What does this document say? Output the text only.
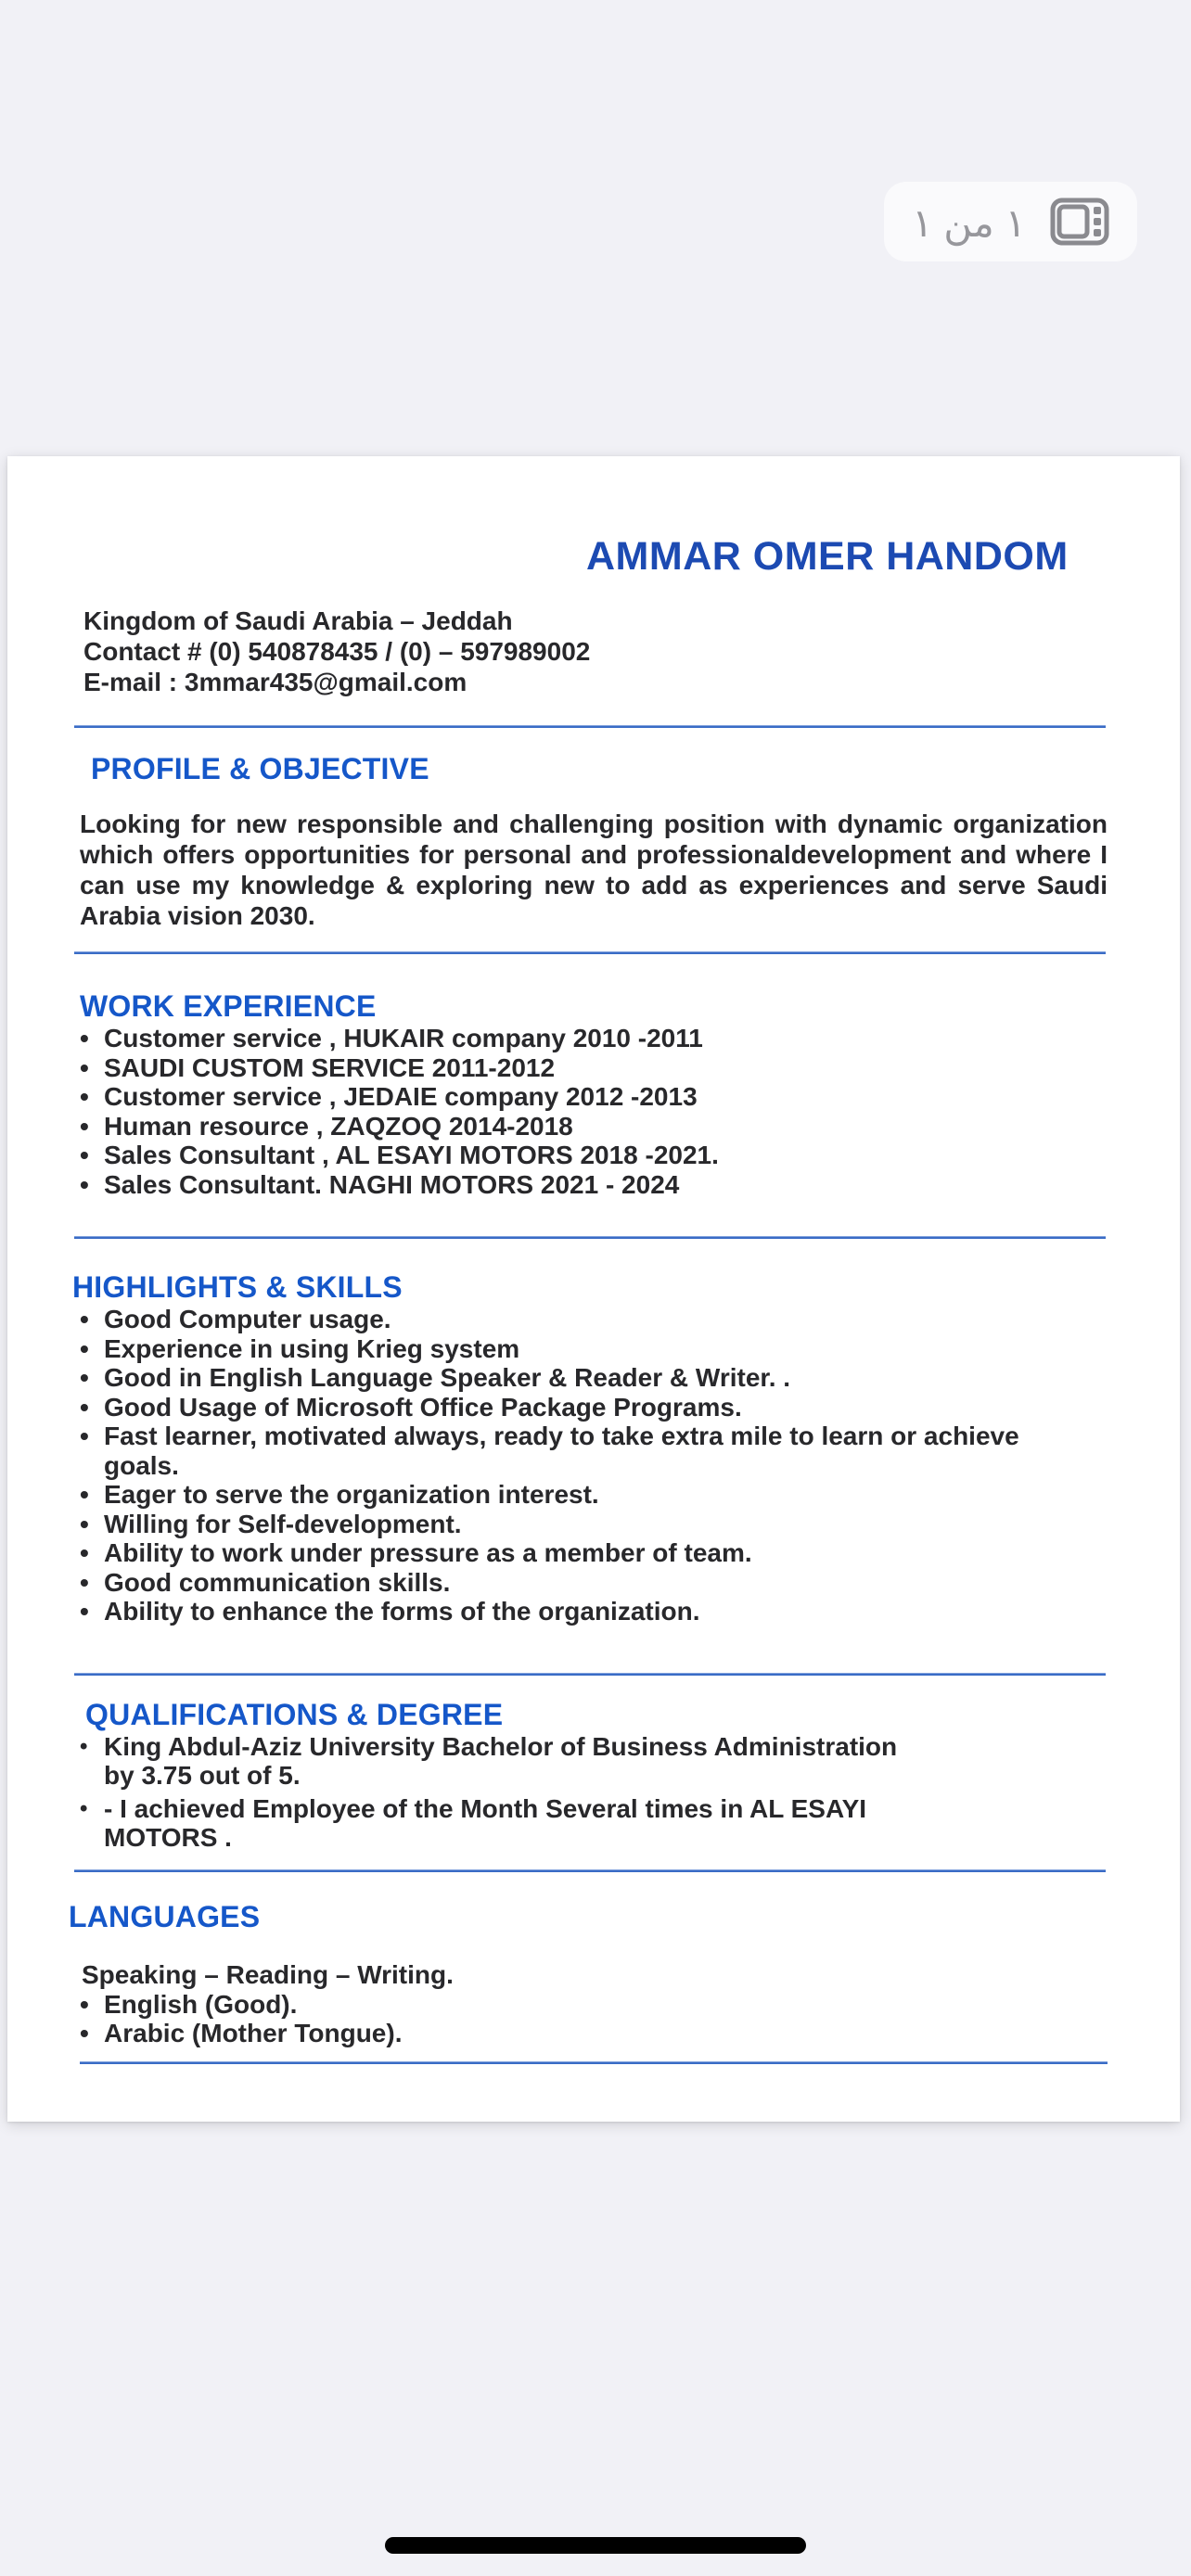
١ من ١
AMMAR OMER HANDOM
Kingdom of Saudi Arabia – Jeddah
Contact # (0) 540878435 / (0) – 597989002
E-mail : 3mmar435@gmail.com
PROFILE & OBJECTIVE

Looking for new responsible and challenging position with dynamic organization which offers opportunities for personal and professionaldevelopment and where I can use my knowledge & exploring new to add as experiences and serve Saudi Arabia vision 2030.

WORK EXPERIENCE
• Customer service , HUKAIR company 2010 -2011
• SAUDI CUSTOM SERVICE 2011-2012
• Customer service , JEDAIE company 2012 -2013
• Human resource , ZAQZOQ 2014-2018
• Sales Consultant , AL ESAYI MOTORS 2018 -2021.
• Sales Consultant. NAGHI MOTORS 2021 - 2024
HIGHLIGHTS & SKILLS
• Good Computer usage.
• Experience in using Krieg system
• Good in English Language Speaker & Reader & Writer. .
• Good Usage of Microsoft Office Package Programs.
• Fast learner, motivated always, ready to take extra mile to learn or achieve goals.
• Eager to serve the organization interest.
• Willing for Self-development.
• Ability to work under pressure as a member of team.
• Good communication skills.
• Ability to enhance the forms of the organization.
QUALIFICATIONS & DEGREE
• King Abdul-Aziz University Bachelor of Business Administration by 3.75 out of 5.
• - I achieved Employee of the Month Several times in AL ESAYI MOTORS .
LANGUAGES
Speaking – Reading – Writing.
• English (Good).
• Arabic (Mother Tongue).
